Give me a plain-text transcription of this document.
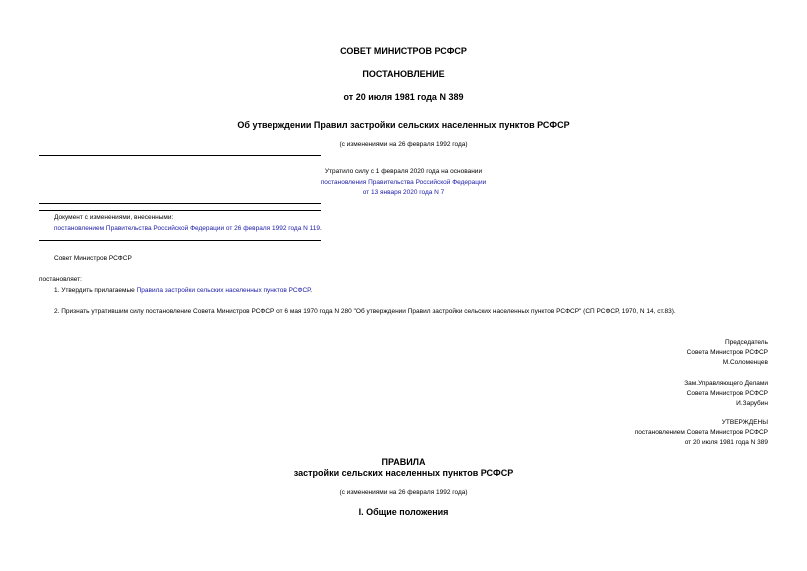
СОВЕТ МИНИСТРОВ РСФСР
ПОСТАНОВЛЕНИЕ
от 20 июля 1981 года N 389
Об утверждении Правил застройки сельских населенных пунктов РСФСР
(с изменениями на 26 февраля 1992 года)
Утратило силу с 1 февраля 2020 года на основании
постановления Правительства Российской Федерации
от 13 января 2020 года N 7
Документ с изменениями, внесенными:
постановлением Правительства Российской Федерации от 26 февраля 1992 года N 119.
Совет Министров РСФСР
постановляет:
1. Утвердить прилагаемые Правила застройки сельских населенных пунктов РСФСР.
2. Признать утратившим силу постановление Совета Министров РСФСР от 6 мая 1970 года N 280 "Об утверждении Правил застройки сельских населенных пунктов РСФСР" (СП РСФСР, 1970, N 14, ст.83).
Председатель
Совета Министров РСФСР
М.Соломенцев
Зам.Управляющего Делами
Совета Министров РСФСР
И.Зарубин
УТВЕРЖДЕНЫ
постановлением Совета Министров РСФСР
от 20 июля 1981 года N 389
ПРАВИЛА
застройки сельских населенных пунктов РСФСР
(с изменениями на 26 февраля 1992 года)
I. Общие положения
